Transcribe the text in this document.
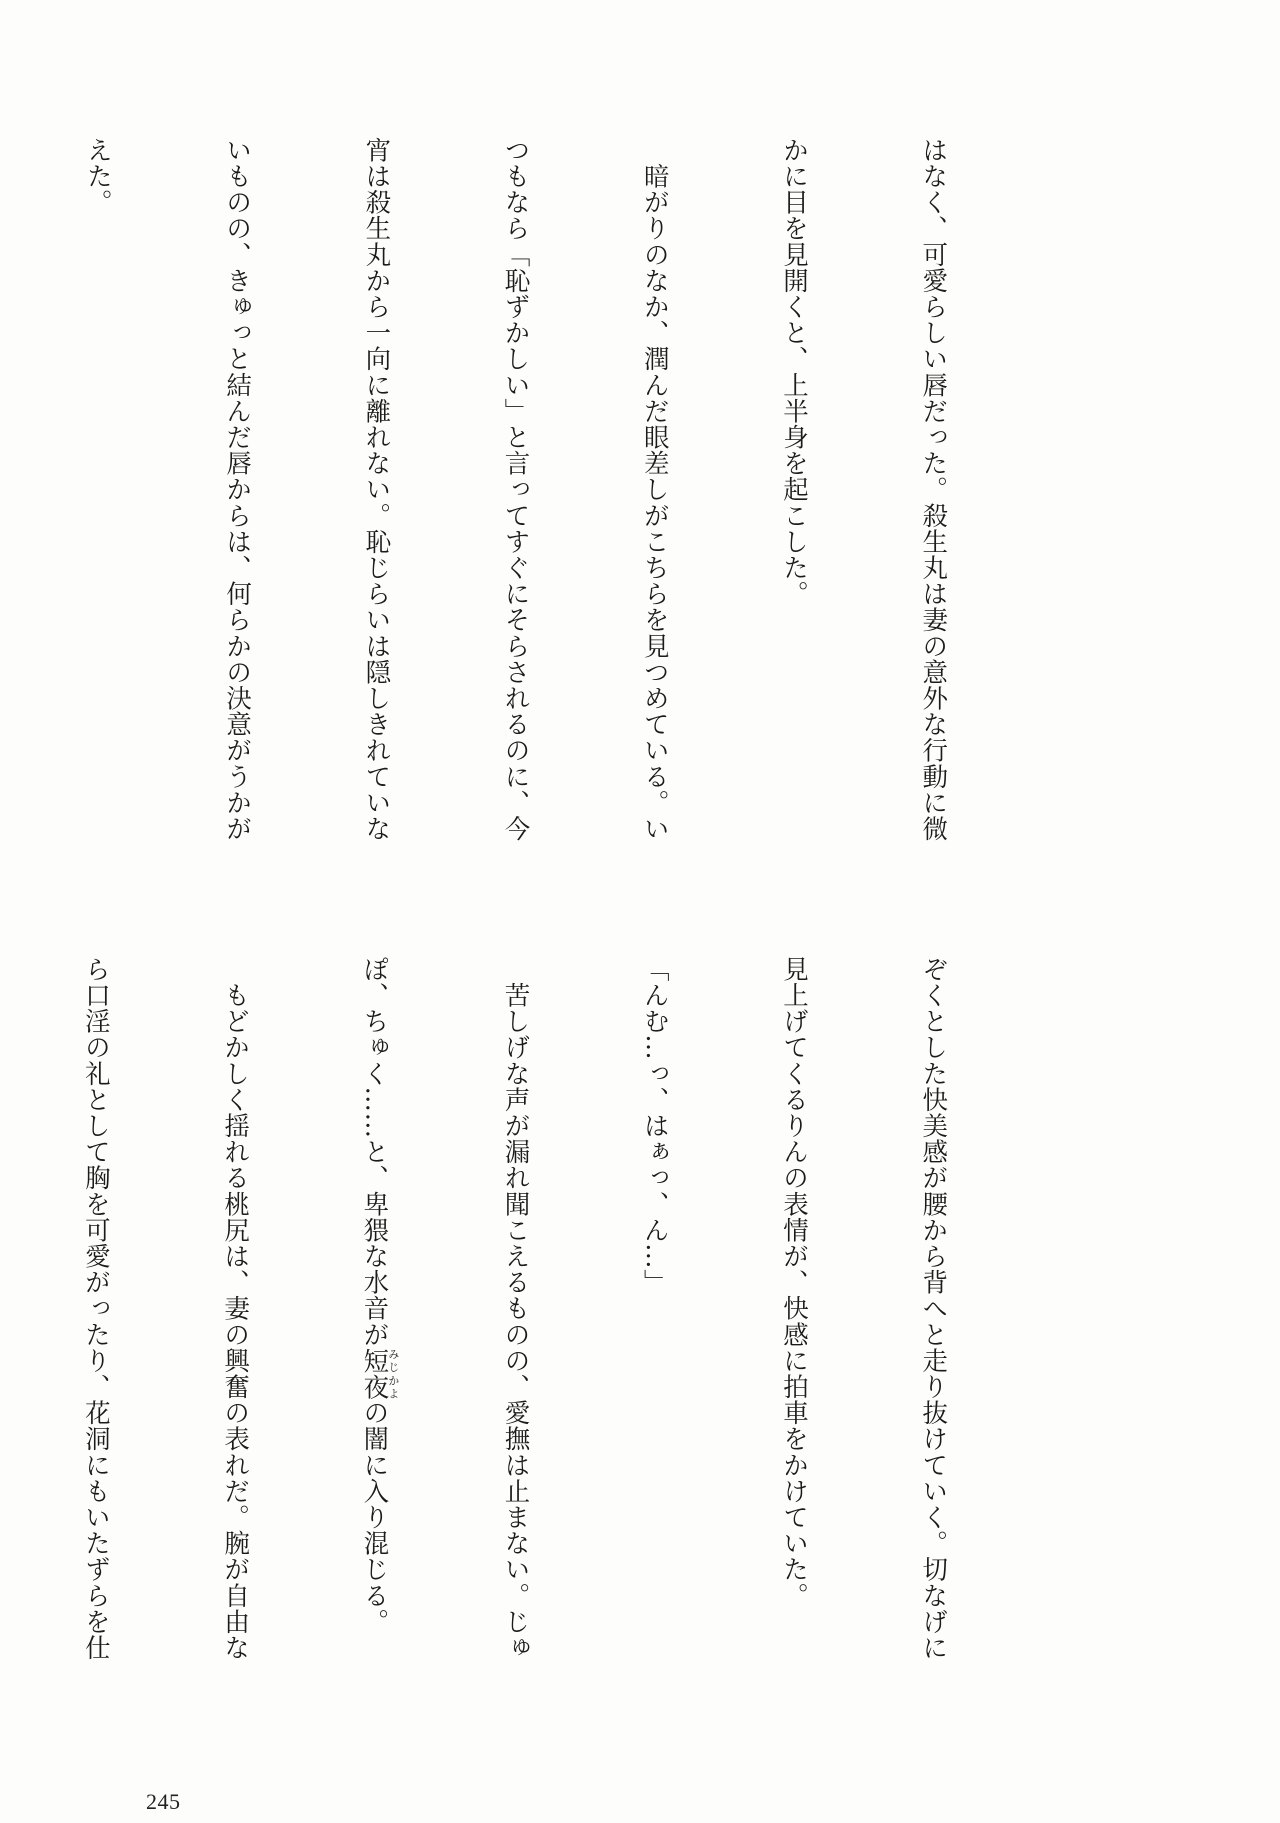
はなく、可愛らしい唇だった。殺生丸は妻の意外な行動に微

かに目を見開くと、上半身を起こした。

　暗がりのなか、潤んだ眼差しがこちらを見つめている。い

つもなら「恥ずかしい」と言ってすぐにそらされるのに、今

宵は殺生丸から一向に離れない。恥じらいは隠しきれていな

いものの、きゅっと結んだ唇からは、何らかの決意がうかが

えた。

ぞくとした快美感が腰から背へと走り抜けていく。切なげに

見上げてくるりんの表情が、快感に拍車をかけていた。

「んむ…っ、はぁっ、ん…」

　苦しげな声が漏れ聞こえるものの、愛撫は止まない。じゅ

ぽ、ちゅく……と、卑猥な水音が短夜みじかよの闇に入り混じる。

　もどかしく揺れる桃尻は、妻の興奮の表れだ。腕が自由な

ら口淫の礼として胸を可愛がったり、花洞にもいたずらを仕

245
